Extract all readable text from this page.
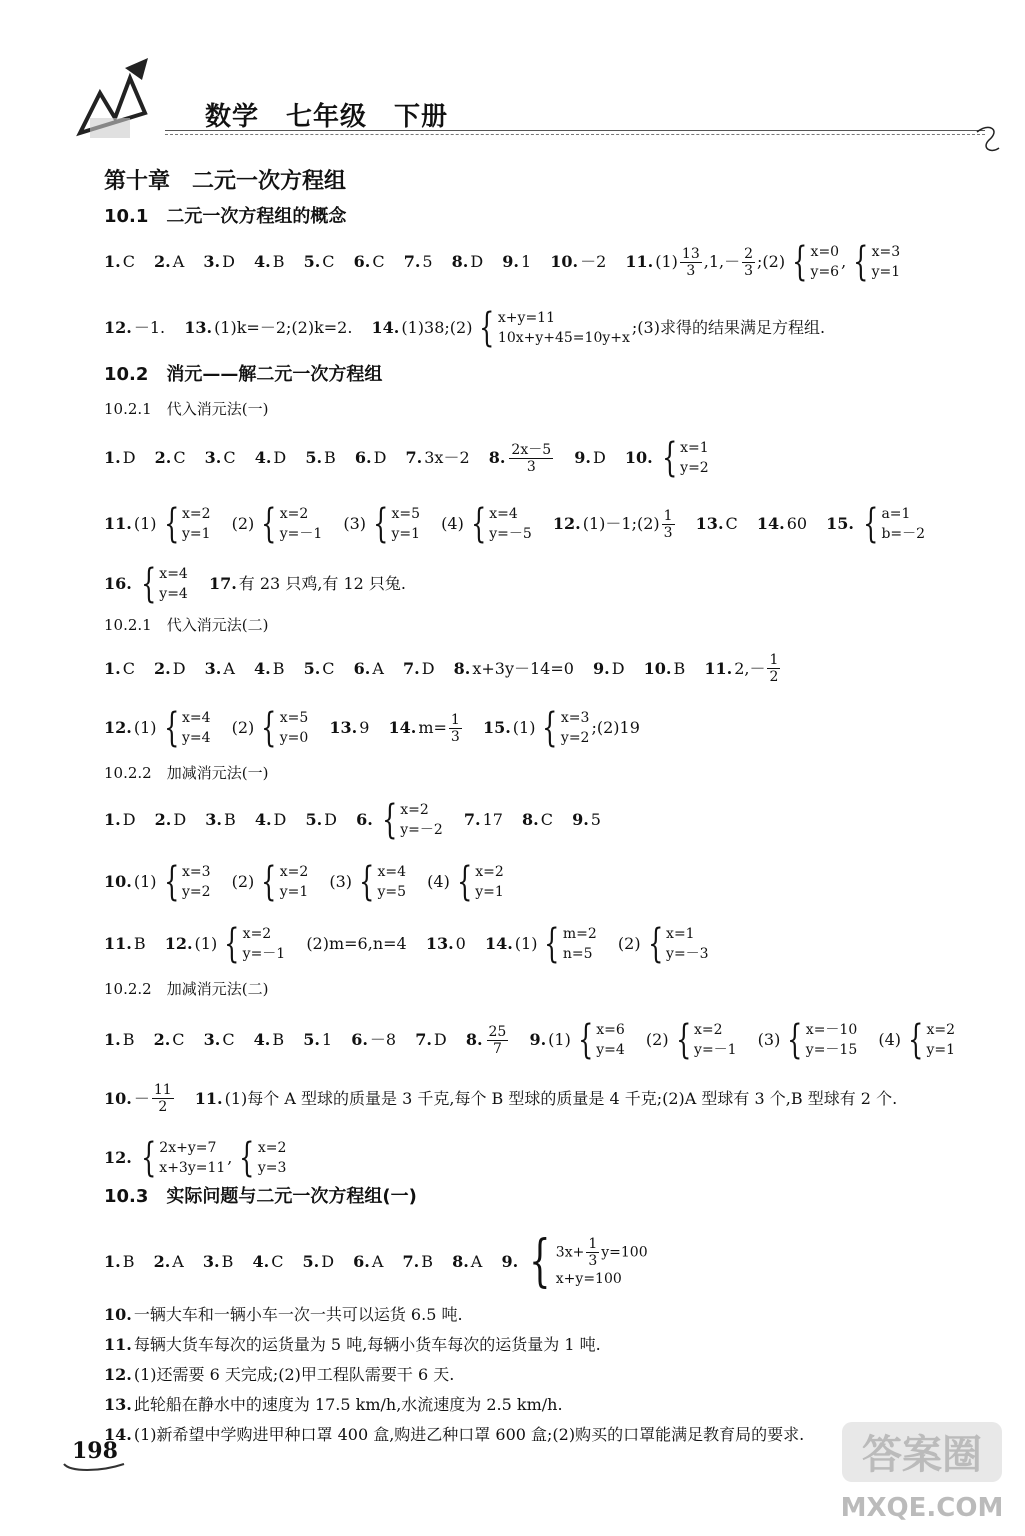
数学　七年级　下册
第十章　二元一次方程组
10.1　二元一次方程组的概念
1. C
2. A
3. D
4. B
5. C
6. C
7. 5
8. D
9. 1
10. －2
11. $(1) \frac{13}{3} ,1,- \frac{2}{3}$ ;(2) { x=0
y=6
, { x=3
y=1
12. －1.
13. (1)k=－2;(2)k=2.
14. (1)38;(2) { x+y=11
10x+y+45=10y+x
;(3)求得的结果满足方程组.
10.2　消元——解二元一次方程组
10.2.1　代入消元法(一)
1. D
2. C
3. C
4. D
5. B
6. D
7. 3x－2
8. $\frac{2x-5}{3}$
9. D
10. { x=1
y=2
11. (1) { x=2
y=1

(2) { x=2
y=－1

(3) { x=5
y=1

(4) { x=4
y=－5

12. (1)－1;(2) $\frac{1}{3}$
13. C
14. 60
15. { a=1
b=－2
16. { x=4
y=4

17. 有 23 只鸡,有 12 只兔.
10.2.1　代入消元法(二)
1. C
2. D
3. A
4. B
5. C
6. A
7. D
8. x+3y－14=0
9. D
10. B
11. $2,- \frac{1}{2}$
12. (1) { x=4
y=4

(2) { x=5
y=0

13. 9
14. $m= \frac{1}{3}$
15. (1) { x=3
y=2
;(2)19
10.2.2　加减消元法(一)
1. D
2. D
3. B
4. D
5. D
6. { x=2
y=－2

7. 17
8. C
9. 5
10. (1) { x=3
y=2

(2) { x=2
y=1

(3) { x=4
y=5

(4) { x=2
y=1
11. B
12. (1) { x=2
y=－1

(2)m=6,n=4
13. 0
14. (1) { m=2
n=5

(2) { x=1
y=－3
10.2.2　加减消元法(二)
1. B
2. C
3. C
4. B
5. 1
6. －8
7. D
8. $\frac{25}{7}$
9. (1) { x=6
y=4

(2) { x=2
y=－1

(3) { x=－10
y=－15

(4) { x=2
y=1
10. － $\frac{11}{2}$
11. (1)每个 A 型球的质量是 3 千克,每个 B 型球的质量是 4 千克;(2)A 型球有 3 个,B 型球有 2 个.
12. { 2x+y=7
x+3y=11
, { x=2
y=3
10.3　实际问题与二元一次方程组(一)
1. B
2. A
3. B
4. C
5. D
6. A
7. B
8. A
9. { $3x+ \frac{1}{3} y=100$
x+y=100
10. 一辆大车和一辆小车一次一共可以运货 6.5 吨.
11. 每辆大货车每次的运货量为 5 吨,每辆小货车每次的运货量为 1 吨.
12. (1)还需要 6 天完成;(2)甲工程队需要干 6 天.
13. 此轮船在静水中的速度为 17.5 km/h,水流速度为 2.5 km/h.
14. (1)新希望中学购进甲种口罩 400 盒,购进乙种口罩 600 盒;(2)购买的口罩能满足教育局的要求.
198	答案圈
MXQE.COM
